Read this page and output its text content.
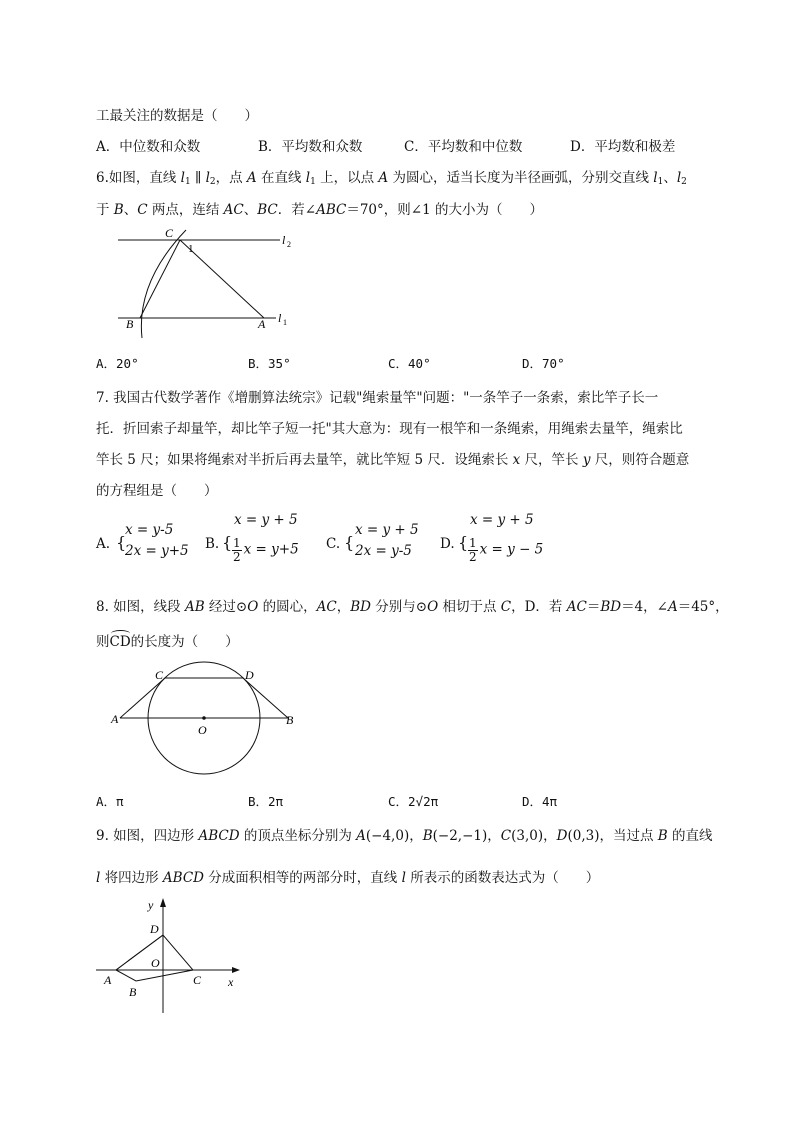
工最关注的数据是（　　）
A．中位数和众数	B．平均数和众数	C．平均数和中位数	D．平均数和极差
6.如图，直线 $l_1$ ∥ $l_2$，点 A 在直线 $l_1$ 上，以点 A 为圆心，适当长度为半径画弧，分别交直线 $l_1$、$l_2$
于 B、C 两点，连结 AC、BC．若∠ABC＝70°，则∠1 的大小为（　　）
C
1
l 2
B	A l 1
A．20°	B．35°	C．40°	D．70°
7. 我国古代数学著作《增删算法统宗》记载"绳索量竿"问题："一条竿子一条索，索比竿子长一
托．折回索子却量竿，却比竿子短一托"其大意为：现有一根竿和一条绳索，用绳索去量竿，绳索比
竿长 5 尺；如果将绳索对半折后再去量竿，就比竿短 5 尺．设绳索长 x 尺，竿长 y 尺，则符合题意
的方程组是（　　）
A. {
x = y-5
2x = y+5 B. {
x = y + 5
$\frac{1}{2}$ x = y+5 C. {
x = y + 5
2x = y-5 D. {
x = y + 5
$\frac{1}{2}$ x = y − 5
8. 如图，线段 AB 经过⊙O 的圆心，AC，BD 分别与⊙O 相切于点 C，D．若 AC＝BD＝4，∠A＝45°，
则
CD的长度为（　　）
A	B
C	D
O
A．π	B．2π	C．2√2π	D．4π
9. 如图，四边形 ABCD 的顶点坐标分别为 A(−4,0)，B(−2,−1)，C(3,0)，D(0,3)，当过点 B 的直线
l 将四边形 ABCD 分成面积相等的两部分时，直线 l 所表示的函数表达式为（　　）
x
y
D
O
A
B
C
